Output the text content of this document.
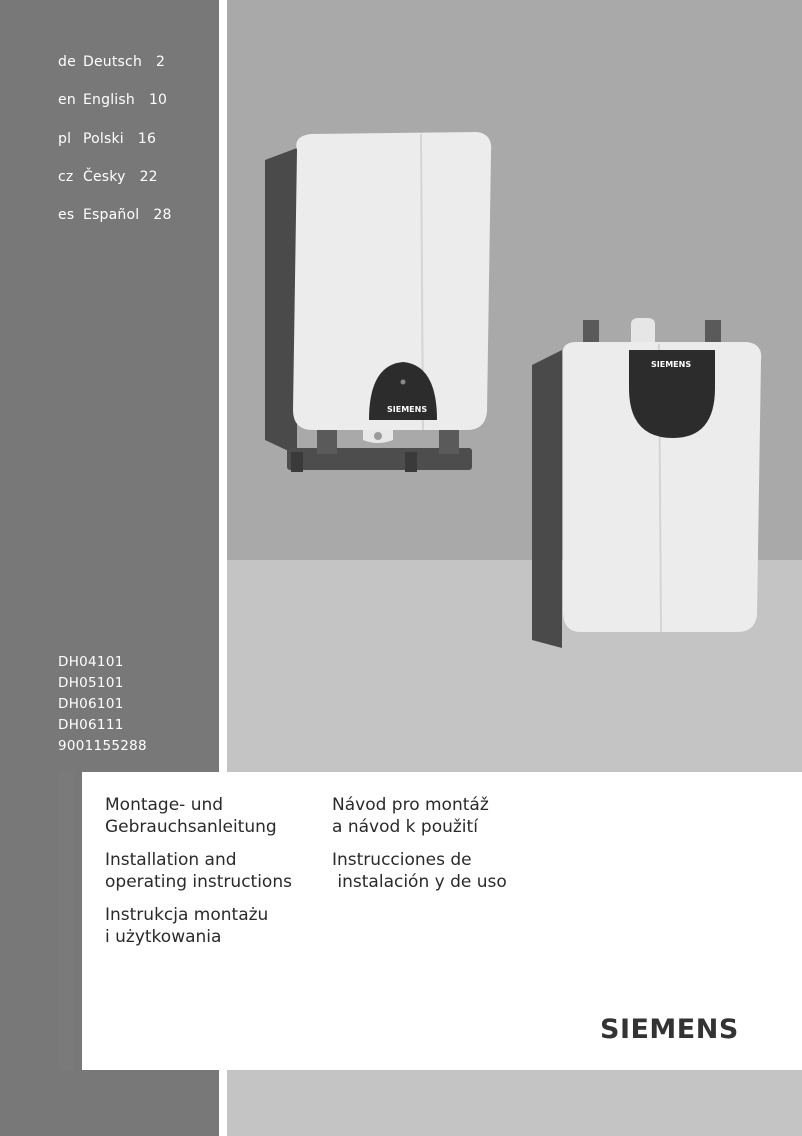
SIEMENS
SIEMENS
de Deutsch 2
en English 10
pl Polski 16
cz Česky 22
es Español 28
DH04101
DH05101
DH06101
DH06111
9001155288
Montage- und
Gebrauchsanleitung
Installation and
operating instructions
Instrukcja montażu
i użytkowania
Návod pro montáž
a návod k použití
Instrucciones de
instalación y de uso
SIEMENS
